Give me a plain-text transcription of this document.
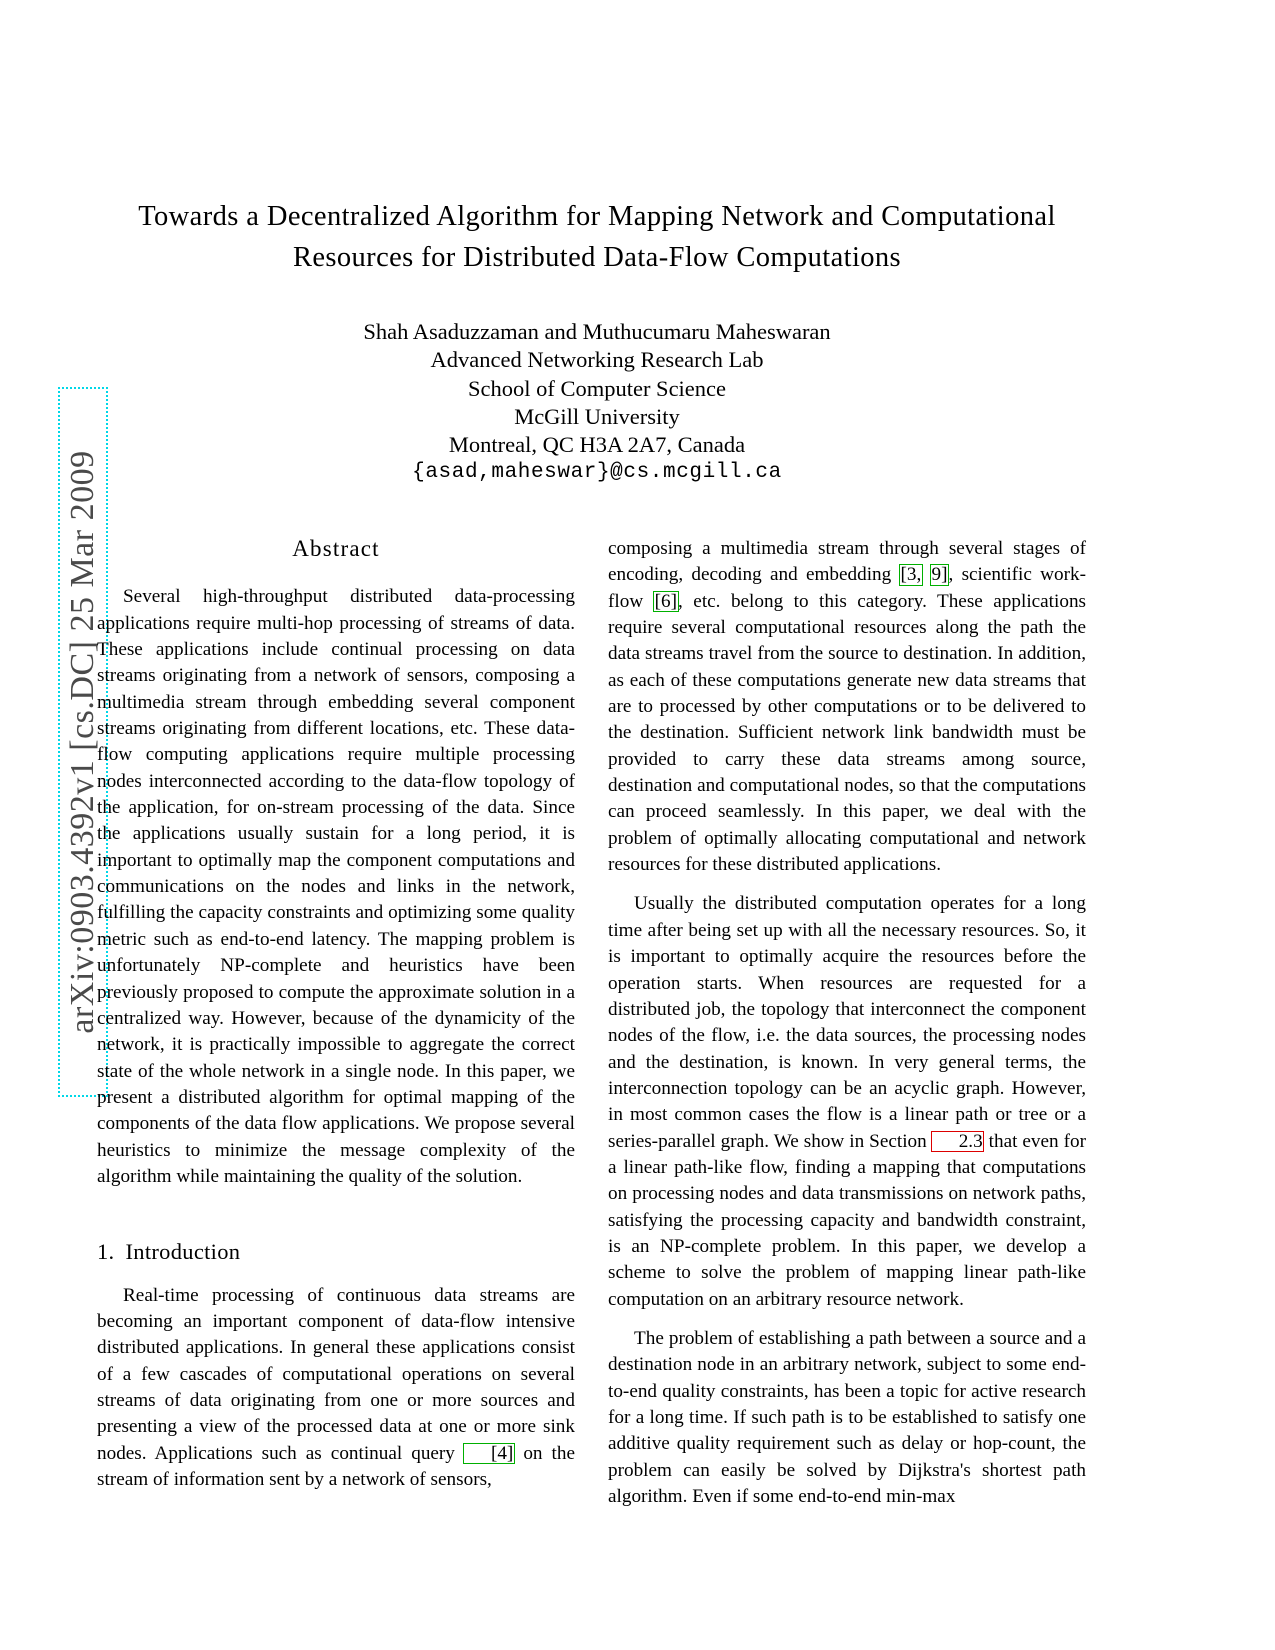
arXiv:0903.4392v1 [cs.DC] 25 Mar 2009
Towards a Decentralized Algorithm for Mapping Network and Computational
Resources for Distributed Data-Flow Computations
Shah Asaduzzaman and Muthucumaru Maheswaran
Advanced Networking Research Lab
School of Computer Science
McGill University
Montreal, QC H3A 2A7, Canada
{asad,maheswar}@cs.mcgill.ca
Abstract

Several high-throughput distributed data-processing applications require multi-hop processing of streams of data. These applications include continual processing on data streams originating from a network of sensors, composing a multimedia stream through embedding several component streams originating from different locations, etc. These data-flow computing applications require multiple processing nodes interconnected according to the data-flow topology of the application, for on-stream processing of the data. Since the applications usually sustain for a long period, it is important to optimally map the component computations and communications on the nodes and links in the network, fulfilling the capacity constraints and optimizing some quality metric such as end-to-end latency. The mapping problem is unfortunately NP-complete and heuristics have been previously proposed to compute the approximate solution in a centralized way. However, because of the dynamicity of the network, it is practically impossible to aggregate the correct state of the whole network in a single node. In this paper, we present a distributed algorithm for optimal mapping of the components of the data flow applications. We propose several heuristics to minimize the message complexity of the algorithm while maintaining the quality of the solution.

1. Introduction

Real-time processing of continuous data streams are becoming an important component of data-flow intensive distributed applications. In general these applications consist of a few cascades of computational operations on several streams of data originating from one or more sources and presenting a view of the processed data at one or more sink nodes. Applications such as continual query [4] on the stream of information sent by a network of sensors,

composing a multimedia stream through several stages of encoding, decoding and embedding [3, 9], scientific work-flow [6], etc. belong to this category. These applications require several computational resources along the path the data streams travel from the source to destination. In addition, as each of these computations generate new data streams that are to processed by other computations or to be delivered to the destination. Sufficient network link bandwidth must be provided to carry these data streams among source, destination and computational nodes, so that the computations can proceed seamlessly. In this paper, we deal with the problem of optimally allocating computational and network resources for these distributed applications.

Usually the distributed computation operates for a long time after being set up with all the necessary resources. So, it is important to optimally acquire the resources before the operation starts. When resources are requested for a distributed job, the topology that interconnect the component nodes of the flow, i.e. the data sources, the processing nodes and the destination, is known. In very general terms, the interconnection topology can be an acyclic graph. However, in most common cases the flow is a linear path or tree or a series-parallel graph. We show in Section 2.3 that even for a linear path-like flow, finding a mapping that computations on processing nodes and data transmissions on network paths, satisfying the processing capacity and bandwidth constraint, is an NP-complete problem. In this paper, we develop a scheme to solve the problem of mapping linear path-like computation on an arbitrary resource network.

The problem of establishing a path between a source and a destination node in an arbitrary network, subject to some end-to-end quality constraints, has been a topic for active research for a long time. If such path is to be established to satisfy one additive quality requirement such as delay or hop-count, the problem can easily be solved by Dijkstra's shortest path algorithm. Even if some end-to-end min-max
